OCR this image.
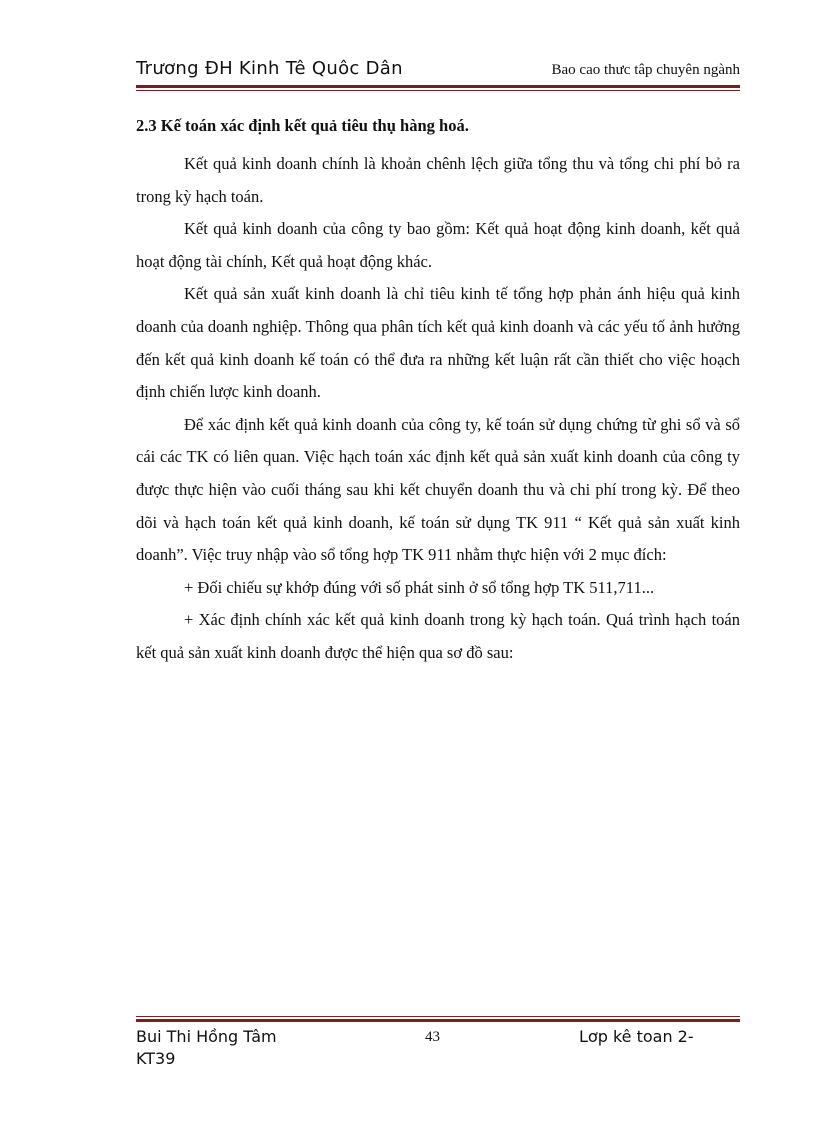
Trương ĐH Kinh Tê Quôc Dân	Bao cao thưc tâp chuyên ngành

2.3 Kế toán xác định kết quả tiêu thụ hàng hoá.

Kết quả kinh doanh chính là khoản chênh lệch giữa tổng thu và tổng chi phí bỏ ra trong kỳ hạch toán.

Kết quả kinh doanh của công ty bao gồm: Kết quả hoạt động kinh doanh, kết quả hoạt động tài chính, Kết quả hoạt động khác.

Kết quả sản xuất kinh doanh là chỉ tiêu kinh tế tổng hợp phản ánh hiệu quả kinh doanh của doanh nghiệp. Thông qua phân tích kết quả kinh doanh và các yếu tố ảnh hưởng đến kết quả kinh doanh kế toán có thể đưa ra những kết luận rất cần thiết cho việc hoạch định chiến lược kinh doanh.

Để xác định kết quả kinh doanh của công ty, kế toán sử dụng chứng từ ghi sổ và sổ cái các TK có liên quan. Việc hạch toán xác định kết quả sản xuất kinh doanh của công ty được thực hiện vào cuối tháng sau khi kết chuyển doanh thu và chi phí trong kỳ. Để theo dõi và hạch toán kết quả kinh doanh, kế toán sử dụng TK 911 “ Kết quả sản xuất kinh doanh”. Việc truy nhập vào sổ tổng hợp TK 911 nhằm thực hiện với 2 mục đích:

+ Đối chiếu sự khớp đúng với số phát sinh ở sổ tổng hợp TK 511,711...

+ Xác định chính xác kết quả kinh doanh trong kỳ hạch toán. Quá trình hạch toán kết quả sản xuất kinh doanh được thể hiện qua sơ đồ sau:

Bui Thi Hồng Tâm
KT39
43	Lơp kê toan 2-
